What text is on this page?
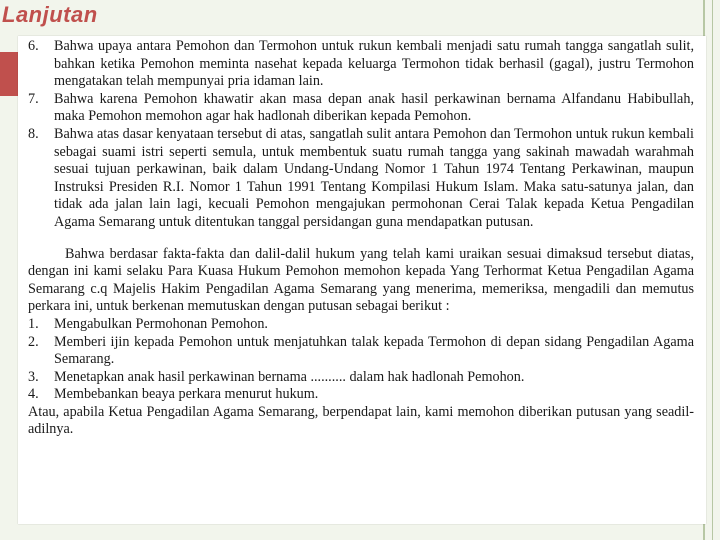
Lanjutan
6.	Bahwa upaya antara Pemohon dan Termohon untuk rukun kembali menjadi satu rumah tangga sangatlah sulit, bahkan ketika Pemohon meminta nasehat kepada keluarga Termohon tidak berhasil (gagal), justru Termohon mengatakan telah mempunyai pria idaman lain.
7.	Bahwa karena Pemohon khawatir akan masa depan anak hasil perkawinan bernama Alfandanu Habibullah, maka Pemohon memohon agar hak hadlonah diberikan kepada Pemohon.
8.	Bahwa atas dasar kenyataan tersebut di atas, sangatlah sulit antara Pemohon dan Termohon untuk rukun kembali sebagai suami istri seperti semula, untuk membentuk suatu rumah tangga yang sakinah mawadah warahmah sesuai tujuan perkawinan, baik dalam Undang-Undang Nomor 1 Tahun 1974 Tentang Perkawinan, maupun Instruksi Presiden R.I. Nomor 1 Tahun 1991 Tentang Kompilasi Hukum Islam. Maka satu-satunya jalan, dan tidak ada jalan lain lagi, kecuali Pemohon mengajukan permohonan Cerai Talak kepada Ketua Pengadilan Agama Semarang untuk ditentukan tanggal persidangan guna mendapatkan putusan.
Bahwa berdasar fakta-fakta dan dalil-dalil hukum yang telah kami uraikan sesuai dimaksud tersebut diatas, dengan ini kami selaku Para Kuasa Hukum Pemohon memohon kepada Yang Terhormat Ketua Pengadilan Agama Semarang c.q Majelis Hakim Pengadilan Agama Semarang yang menerima, memeriksa, mengadili dan memutus perkara ini, untuk berkenan memutuskan dengan putusan sebagai berikut :
1.	Mengabulkan Permohonan Pemohon.
2.	Memberi ijin kepada Pemohon untuk menjatuhkan talak kepada Termohon di depan sidang Pengadilan Agama Semarang.
3.	Menetapkan anak hasil perkawinan bernama .......... dalam hak hadlonah Pemohon.
4.	Membebankan beaya perkara menurut hukum.
Atau, apabila Ketua Pengadilan Agama Semarang, berpendapat lain, kami memohon diberikan putusan yang seadil-adilnya.
